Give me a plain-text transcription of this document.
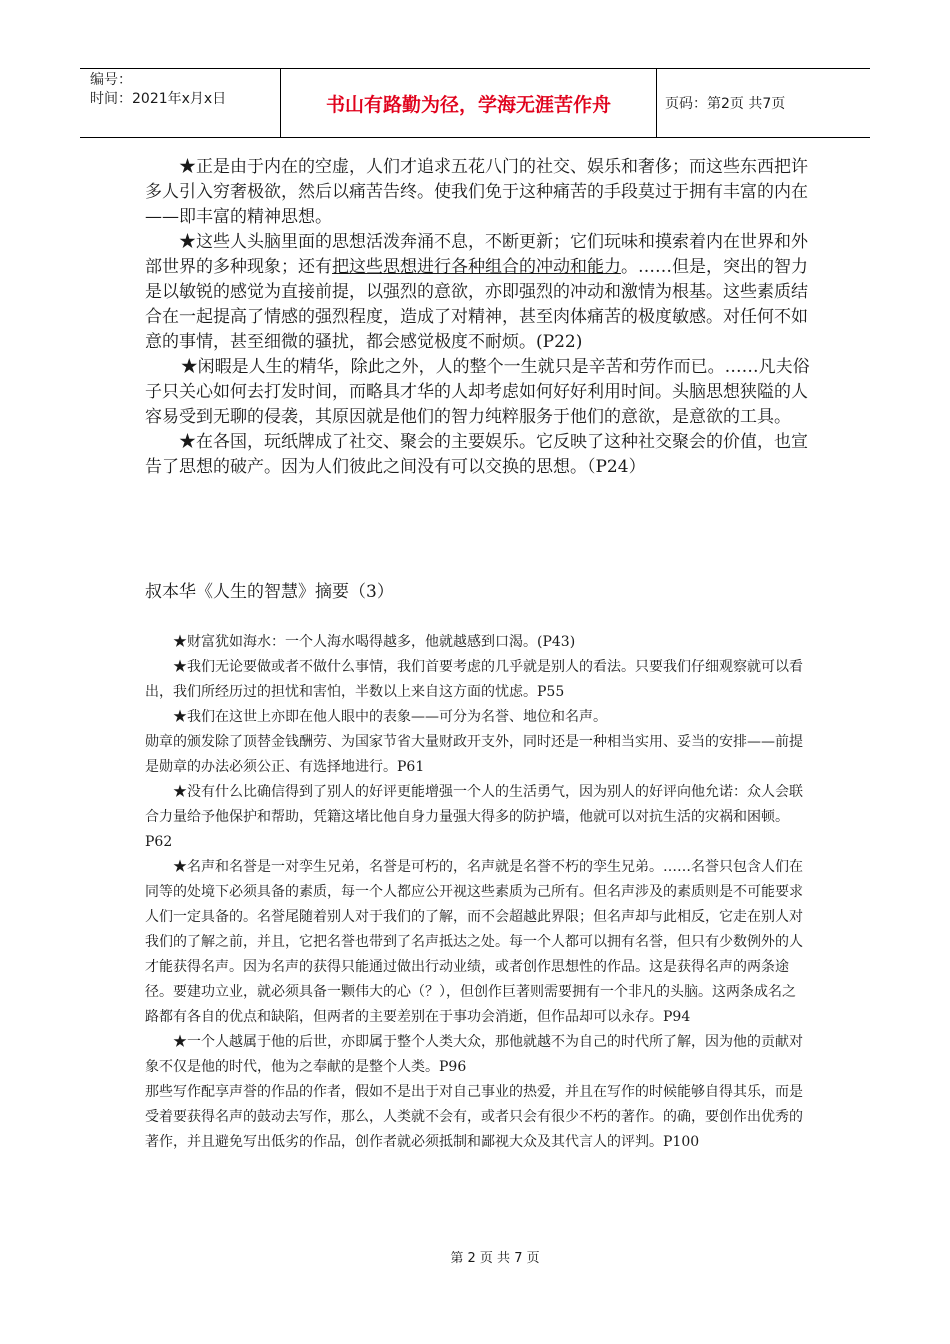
编号：
时间：2021年x月x日	书山有路勤为径，学海无涯苦作舟	页码：第2页 共7页

★正是由于内在的空虚，人们才追求五花八门的社交、娱乐和奢侈；而这些东西把许多人引入穷奢极欲，然后以痛苦告终。使我们免于这种痛苦的手段莫过于拥有丰富的内在——即丰富的精神思想。

★这些人头脑里面的思想活泼奔涌不息，不断更新；它们玩味和摸索着内在世界和外部世界的多种现象；还有把这些思想进行各种组合的冲动和能力。……但是，突出的智力是以敏锐的感觉为直接前提，以强烈的意欲，亦即强烈的冲动和激情为根基。这些素质结合在一起提高了情感的强烈程度，造成了对精神，甚至肉体痛苦的极度敏感。对任何不如意的事情，甚至细微的骚扰，都会感觉极度不耐烦。(P22)

★闲暇是人生的精华，除此之外，人的整个一生就只是辛苦和劳作而已。……凡夫俗子只关心如何去打发时间，而略具才华的人却考虑如何好好利用时间。头脑思想狭隘的人容易受到无聊的侵袭，其原因就是他们的智力纯粹服务于他们的意欲，是意欲的工具。

★在各国，玩纸牌成了社交、聚会的主要娱乐。它反映了这种社交聚会的价值，也宣告了思想的破产。因为人们彼此之间没有可以交换的思想。（P24）

叔本华《人生的智慧》摘要（3）

★财富犹如海水：一个人海水喝得越多，他就越感到口渴。(P43)

★我们无论要做或者不做什么事情，我们首要考虑的几乎就是别人的看法。只要我们仔细观察就可以看出，我们所经历过的担忧和害怕，半数以上来自这方面的忧虑。P55

★我们在这世上亦即在他人眼中的表象——可分为名誉、地位和名声。

勋章的颁发除了顶替金钱酬劳、为国家节省大量财政开支外，同时还是一种相当实用、妥当的安排——前提是勋章的办法必须公正、有选择地进行。P61

★没有什么比确信得到了别人的好评更能增强一个人的生活勇气，因为别人的好评向他允诺：众人会联合力量给予他保护和帮助，凭籍这堵比他自身力量强大得多的防护墙，他就可以对抗生活的灾祸和困顿。P62

★名声和名誉是一对孪生兄弟，名誉是可朽的，名声就是名誉不朽的孪生兄弟。……名誉只包含人们在同等的处境下必须具备的素质，每一个人都应公开视这些素质为己所有。但名声涉及的素质则是不可能要求人们一定具备的。名誉尾随着别人对于我们的了解，而不会超越此界限；但名声却与此相反，它走在别人对我们的了解之前，并且，它把名誉也带到了名声抵达之处。每一个人都可以拥有名誉，但只有少数例外的人才能获得名声。因为名声的获得只能通过做出行动业绩，或者创作思想性的作品。这是获得名声的两条途径。要建功立业，就必须具备一颗伟大的心（？），但创作巨著则需要拥有一个非凡的头脑。这两条成名之路都有各自的优点和缺陷，但两者的主要差别在于事功会消逝，但作品却可以永存。P94

★一个人越属于他的后世，亦即属于整个人类大众，那他就越不为自己的时代所了解，因为他的贡献对象不仅是他的时代，他为之奉献的是整个人类。P96

那些写作配享声誉的作品的作者，假如不是出于对自己事业的热爱，并且在写作的时候能够自得其乐，而是受着要获得名声的鼓动去写作，那么，人类就不会有，或者只会有很少不朽的著作。的确，要创作出优秀的著作，并且避免写出低劣的作品，创作者就必须抵制和鄙视大众及其代言人的评判。P100

第 2 页 共 7 页
